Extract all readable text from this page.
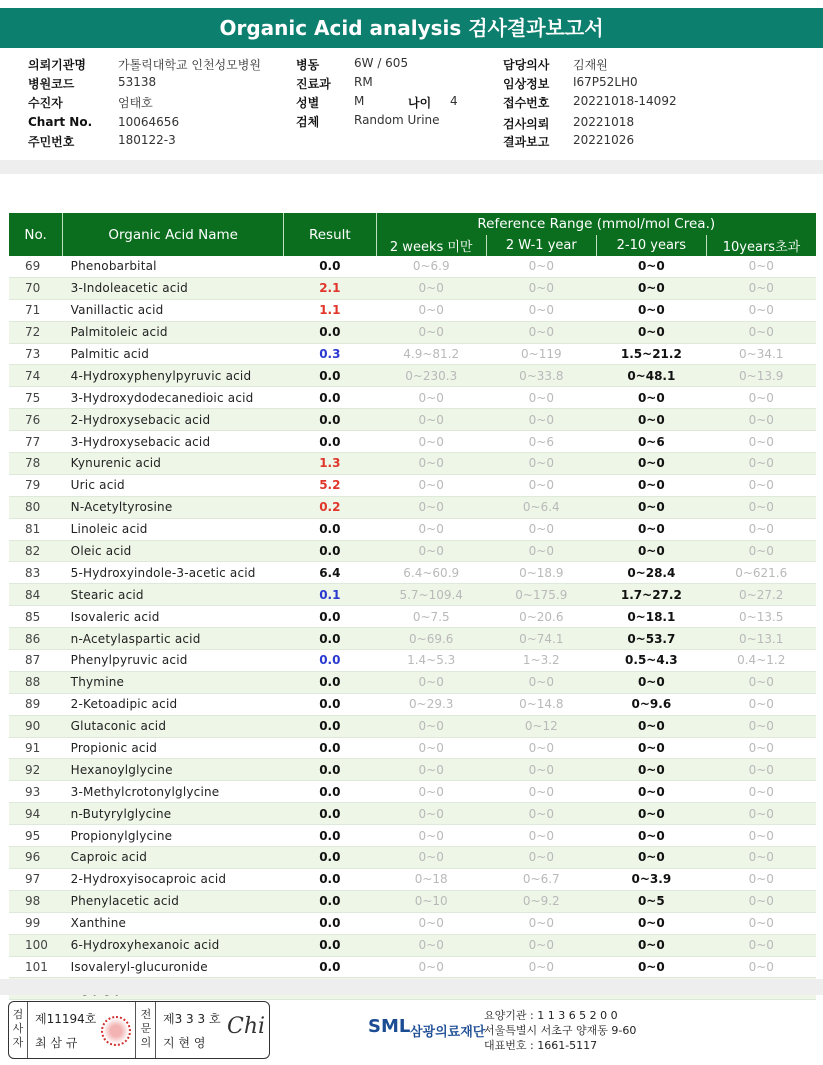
Organic Acid analysis 검사결과보고서
의뢰기관명	가톨릭대학교 인천성모병원
병원코드	53138
수진자	엄태호
Chart No. 10064656
주민번호	180122-3
병동	6W / 605
진료과 RM
성별	M
검체	Random Urine
담당의사 김재원
임상정보 I67P52LH0
접수번호 20221018-14092
검사의뢰 20221018
결과보고 20221026
나이 4
No.	Organic Acid Name	Result	Reference Range (mmol/mol Crea.)			
			2 weeks 미만	2 W-1 year	2-10 years	10years초과
69	Phenobarbital	0.0	0~6.9	0~0	0~0	0~0
70	3-Indoleacetic acid	2.1	0~0	0~0	0~0	0~0
71	Vanillactic acid	1.1	0~0	0~0	0~0	0~0
72	Palmitoleic acid	0.0	0~0	0~0	0~0	0~0
73	Palmitic acid	0.3	4.9~81.2	0~119	1.5~21.2	0~34.1
74	4-Hydroxyphenylpyruvic acid	0.0	0~230.3	0~33.8	0~48.1	0~13.9
75	3-Hydroxydodecanedioic acid	0.0	0~0	0~0	0~0	0~0
76	2-Hydroxysebacic acid	0.0	0~0	0~0	0~0	0~0
77	3-Hydroxysebacic acid	0.0	0~0	0~6	0~6	0~0
78	Kynurenic acid	1.3	0~0	0~0	0~0	0~0
79	Uric acid	5.2	0~0	0~0	0~0	0~0
80	N-Acetyltyrosine	0.2	0~0	0~6.4	0~0	0~0
81	Linoleic acid	0.0	0~0	0~0	0~0	0~0
82	Oleic acid	0.0	0~0	0~0	0~0	0~0
83	5-Hydroxyindole-3-acetic acid	6.4	6.4~60.9	0~18.9	0~28.4	0~621.6
84	Stearic acid	0.1	5.7~109.4	0~175.9	1.7~27.2	0~27.2
85	Isovaleric acid	0.0	0~7.5	0~20.6	0~18.1	0~13.5
86	n-Acetylaspartic acid	0.0	0~69.6	0~74.1	0~53.7	0~13.1
87	Phenylpyruvic acid	0.0	1.4~5.3	1~3.2	0.5~4.3	0.4~1.2
88	Thymine	0.0	0~0	0~0	0~0	0~0
89	2-Ketoadipic acid	0.0	0~29.3	0~14.8	0~9.6	0~0
90	Glutaconic acid	0.0	0~0	0~12	0~0	0~0
91	Propionic acid	0.0	0~0	0~0	0~0	0~0
92	Hexanoylglycine	0.0	0~0	0~0	0~0	0~0
93	3-Methylcrotonylglycine	0.0	0~0	0~0	0~0	0~0
94	n-Butyrylglycine	0.0	0~0	0~0	0~0	0~0
95	Propionylglycine	0.0	0~0	0~0	0~0	0~0
96	Caproic acid	0.0	0~0	0~0	0~0	0~0
97	2-Hydroxyisocaproic acid	0.0	0~18	0~6.7	0~3.9	0~0
98	Phenylacetic acid	0.0	0~10	0~9.2	0~5	0~0
99	Xanthine	0.0	0~0	0~0	0~0	0~0
100	6-Hydroxyhexanoic acid	0.0	0~0	0~0	0~0	0~0
101	Isovaleryl-glucuronide	0.0	0~0	0~0	0~0	0~0

검
사
자
제11194호
최 삼 규
전
문
의
제3 3 3 호
지 현 영
Chi	SML 삼광의료재단
요양기관 : 1 1 3 6 5 2 0 0
서울특별시 서초구 양재동 9-60
대표번호 : 1661-5117
